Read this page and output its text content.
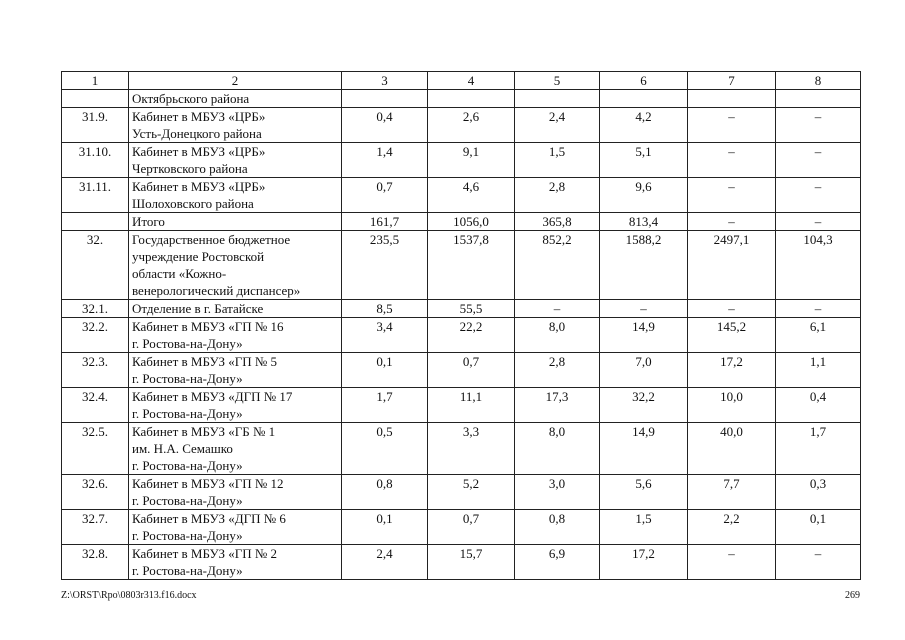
1	2	3	4	5	6	7	8
	Октябрьского района						
31.9.	Кабинет в МБУЗ «ЦРБ»
Усть-Донецкого района	0,4	2,6	2,4	4,2	–	–
31.10.	Кабинет в МБУЗ «ЦРБ»
Чертковского района	1,4	9,1	1,5	5,1	–	–
31.11.	Кабинет в МБУЗ «ЦРБ»
Шолоховского района	0,7	4,6	2,8	9,6	–	–
	Итого	161,7	1056,0	365,8	813,4	–	–
32.	Государственное бюджетное
учреждение Ростовской
области «Кожно-
венерологический диспансер»	235,5	1537,8	852,2	1588,2	2497,1	104,3
32.1.	Отделение в г. Батайске	8,5	55,5	–	–	–	–
32.2.	Кабинет в МБУЗ «ГП № 16
г. Ростова-на-Дону»	3,4	22,2	8,0	14,9	145,2	6,1
32.3.	Кабинет в МБУЗ «ГП № 5
г. Ростова-на-Дону»	0,1	0,7	2,8	7,0	17,2	1,1
32.4.	Кабинет в МБУЗ «ДГП № 17
г. Ростова-на-Дону»	1,7	11,1	17,3	32,2	10,0	0,4
32.5.	Кабинет в МБУЗ «ГБ № 1
им. Н.А. Семашко
г. Ростова-на-Дону»	0,5	3,3	8,0	14,9	40,0	1,7
32.6.	Кабинет в МБУЗ «ГП № 12
г. Ростова-на-Дону»	0,8	5,2	3,0	5,6	7,7	0,3
32.7.	Кабинет в МБУЗ «ДГП № 6
г. Ростова-на-Дону»	0,1	0,7	0,8	1,5	2,2	0,1
32.8.	Кабинет в МБУЗ «ГП № 2
г. Ростова-на-Дону»	2,4	15,7	6,9	17,2	–	–
Z:\ORST\Rpo\0803r313.f16.docx	269
